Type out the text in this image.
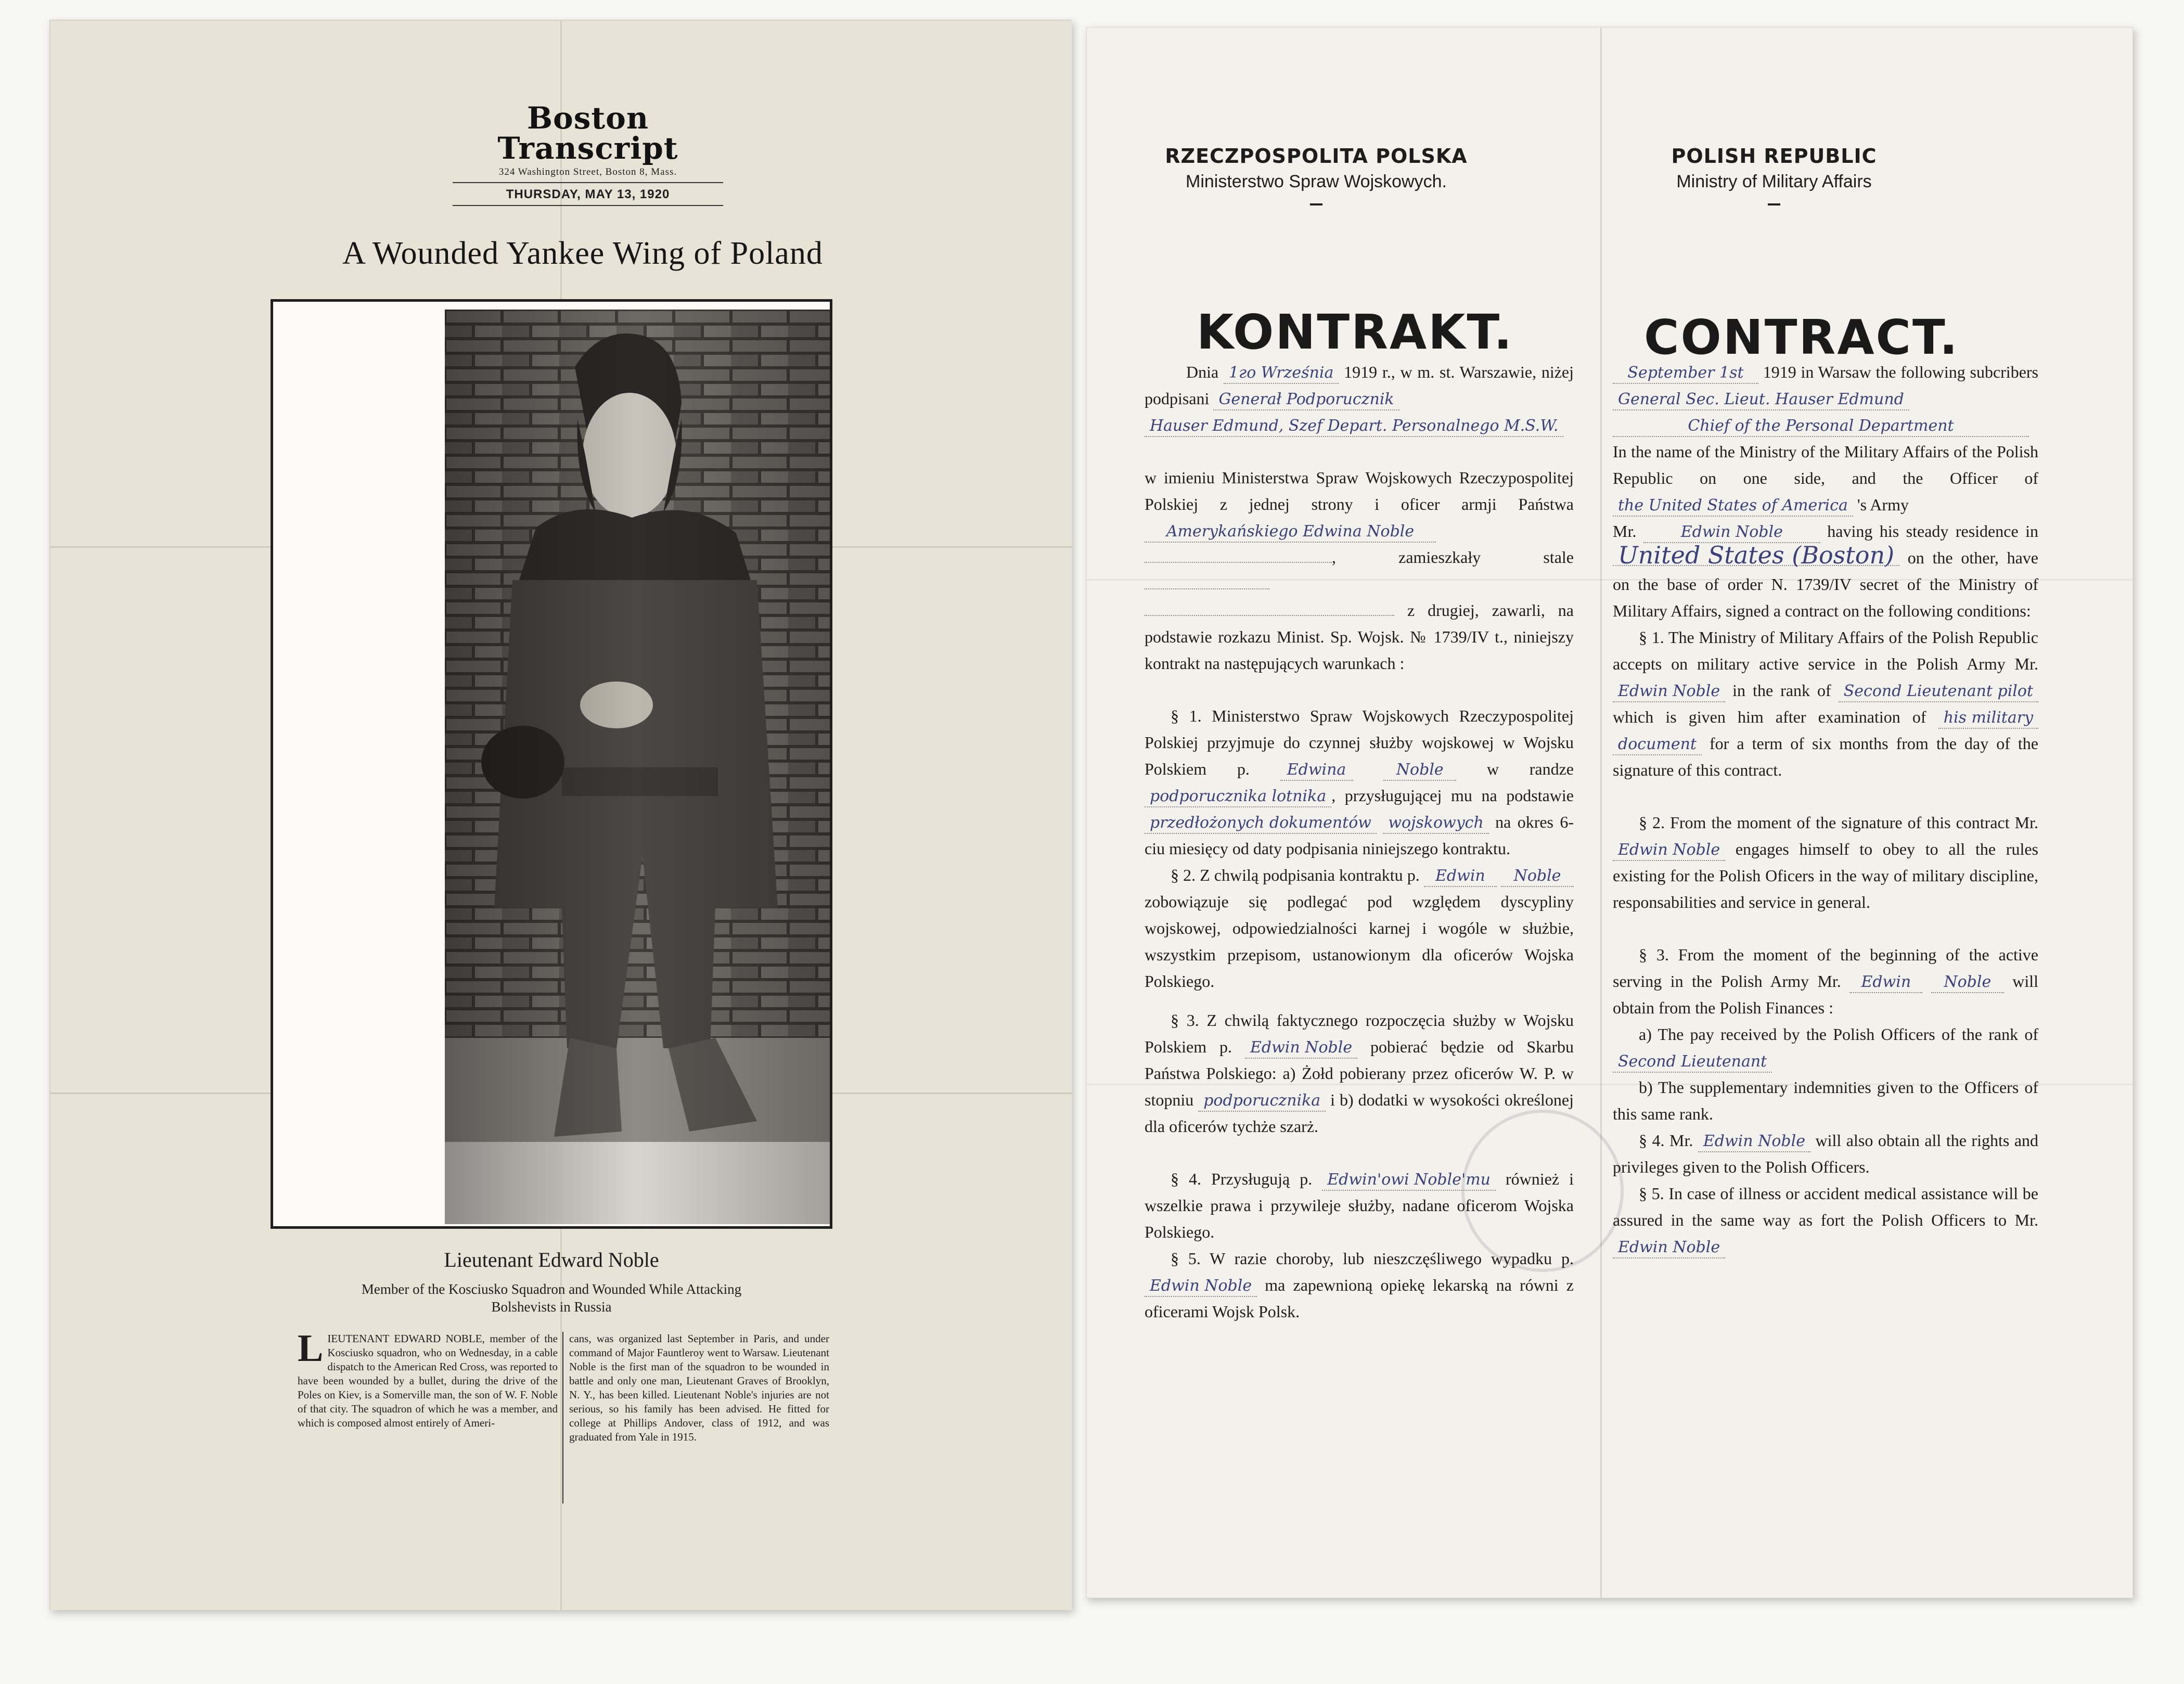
Boston Transcript
324 Washington Street, Boston 8, Mass.
THURSDAY, MAY 13, 1920
A Wounded Yankee Wing of Poland
Lieutenant Edward Noble
Member of the Kosciusko Squadron and Wounded While Attacking
Bolshevists in Russia
LIEUTENANT EDWARD NOBLE, member of the Kosciusko squadron, who on Wednesday, in a cable dispatch to the American Red Cross, was reported to have been wounded by a bullet, during the drive of the Poles on Kiev, is a Somerville man, the son of W. F. Noble of that city. The squadron of which he was a member, and which is composed almost entirely of Ameri-
cans, was organized last September in Paris, and under command of Major Fauntleroy went to Warsaw. Lieutenant Noble is the first man of the squadron to be wounded in battle and only one man, Lieutenant Graves of Brooklyn, N. Y., has been killed. Lieutenant Noble's injuries are not serious, so his family has been advised. He fitted for college at Phillips Andover, class of 1912, and was graduated from Yale in 1915.

RZECZPOSPOLITA POLSKA
Ministerstwo Spraw Wojskowych.
KONTRAKT.
POLISH REPUBLIC
Ministry of Military Affairs
CONTRACT.

Dnia 1го Września 1919 r., w m. st. Warszawie, niżej podpisani Generał Podporucznik
Hauser Edmund, Szef Depart. Personalnego M.S.W.

w imieniu Ministerstwa Spraw Wojskowych Rzeczypospolitej Polskiej z jednej strony i oficer armji Państwa Amerykańskiego Edwina Noble
, zamieszkały stale
z drugiej, zawarli, na podstawie rozkazu Minist. Sp. Wojsk. № 1739/IV t., niniejszy kontrakt na następujących warunkach :

§ 1. Ministerstwo Spraw Wojskowych Rzeczypospolitej Polskiej przyjmuje do czynnej służby wojskowej w Wojsku Polskiem p. Edwina	Noble	w randze podporucznika lotnika , przysługującej mu na podstawie przedłożonych dokumentów wojskowych na okres 6-ciu miesięcy od daty podpisania niniejszego kontraktu.

§ 2. Z chwilą podpisania kontraktu p. Edwin Noble zobowiązuje się podlegać pod względem dyscypliny wojskowej, odpowiedzialności karnej i wogóle w służbie, wszystkim przepisom, ustanowionym dla oficerów Wojska Polskiego.

§ 3. Z chwilą faktycznego rozpoczęcia służby w Wojsku Polskiem p. Edwin Noble pobierać będzie od Skarbu Państwa Polskiego: a) Żołd pobierany przez oficerów W. P. w stopniu podporucznika i b) dodatki w wysokości określonej dla oficerów tychże szarż.

§ 4. Przysługują p. Edwin'owi Noble'mu również i wszelkie prawa i przywileje służby, nadane oficerom Wojska Polskiego.

§ 5. W razie choroby, lub nieszczęśliwego wypadku p. Edwin Noble ma zapewnioną opiekę lekarską na równi z oficerami Wojsk Polsk.

September 1st 1919 in Warsaw the following subcribers General Sec. Lieut. Hauser Edmund
Chief of the Personal Department

In the name of the Ministry of the Military Affairs of the Polish Republic on one side, and the Officer of the United States of America 's Army
Mr.	Edwin Noble	having his steady residence in United States (Boston) on the other, have on the base of order N. 1739/IV secret of the Ministry of Military Affairs, signed a contract on the following conditions:

§ 1. The Ministry of Military Affairs of the Polish Republic accepts on military active service in the Polish Army Mr. Edwin Noble in the rank of Second Lieutenant pilot which is given him after examination of his military document for a term of six months from the day of the signature of this contract.

§ 2. From the moment of the signature of this contract Mr. Edwin Noble engages himself to obey to all the rules existing for the Polish Oficers in the way of military discipline, responsabilities and service in general.

§ 3. From the moment of the beginning of the active serving in the Polish Army Mr. Edwin Noble will obtain from the Polish Finances :
a) The pay received by the Polish Officers of the rank of Second Lieutenant
b) The supplementary indemnities given to the Officers of this same rank.

§ 4. Mr. Edwin Noble will also obtain all the rights and privileges given to the Polish Officers.

§ 5. In case of illness or accident medical assistance will be assured in the same way as fort the Polish Officers to Mr. Edwin Noble
